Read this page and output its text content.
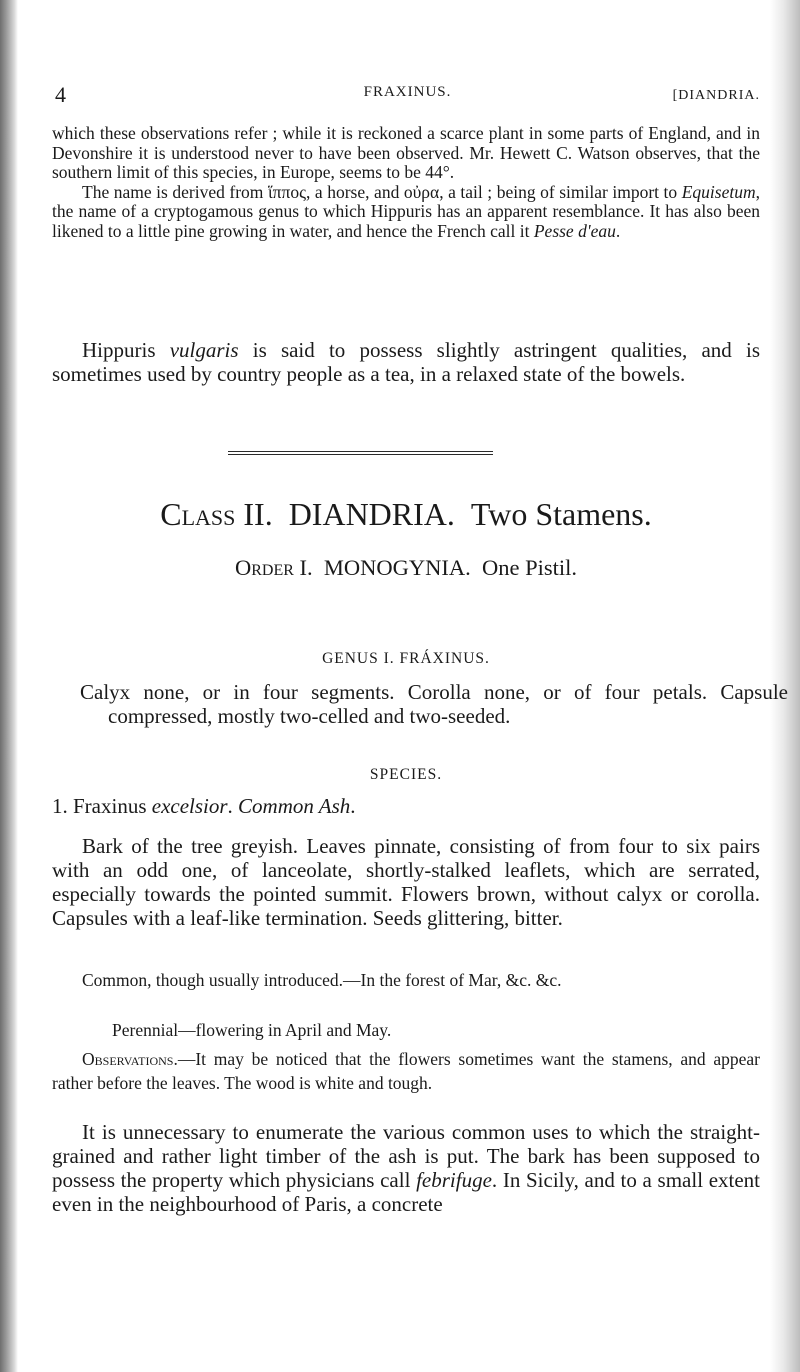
4	FRAXINUS.	[DIANDRIA.

which these observations refer ; while it is reckoned a scarce plant in some parts of England, and in Devonshire it is understood never to have been observed. Mr. Hewett C. Watson observes, that the southern limit of this species, in Europe, seems to be 44°.

The name is derived from ἵππος, a horse, and οὐρα, a tail ; being of similar import to Equisetum, the name of a cryptogamous genus to which Hippuris has an apparent resemblance. It has also been likened to a little pine growing in water, and hence the French call it Pesse d'eau.

Hippuris vulgaris is said to possess slightly astringent qualities, and is sometimes used by country people as a tea, in a relaxed state of the bowels.

Class II. DIANDRIA. Two Stamens.
Order I. MONOGYNIA. One Pistil.
GENUS I. FRÁXINUS.

Calyx none, or in four segments. Corolla none, or of four petals. Capsule compressed, mostly two-celled and two-seeded.

SPECIES.

1. Fraxinus excelsior. Common Ash.

Bark of the tree greyish. Leaves pinnate, consisting of from four to six pairs with an odd one, of lanceolate, shortly-stalked leaflets, which are serrated, especially towards the pointed summit. Flowers brown, without calyx or corolla. Capsules with a leaf-like termination. Seeds glittering, bitter.

Common, though usually introduced.—In the forest of Mar, &c. &c.

Perennial—flowering in April and May.

Observations.—It may be noticed that the flowers sometimes want the stamens, and appear rather before the leaves. The wood is white and tough.

It is unnecessary to enumerate the various common uses to which the straight-grained and rather light timber of the ash is put. The bark has been supposed to possess the property which physicians call febrifuge. In Sicily, and to a small extent even in the neighbourhood of Paris, a concrete
